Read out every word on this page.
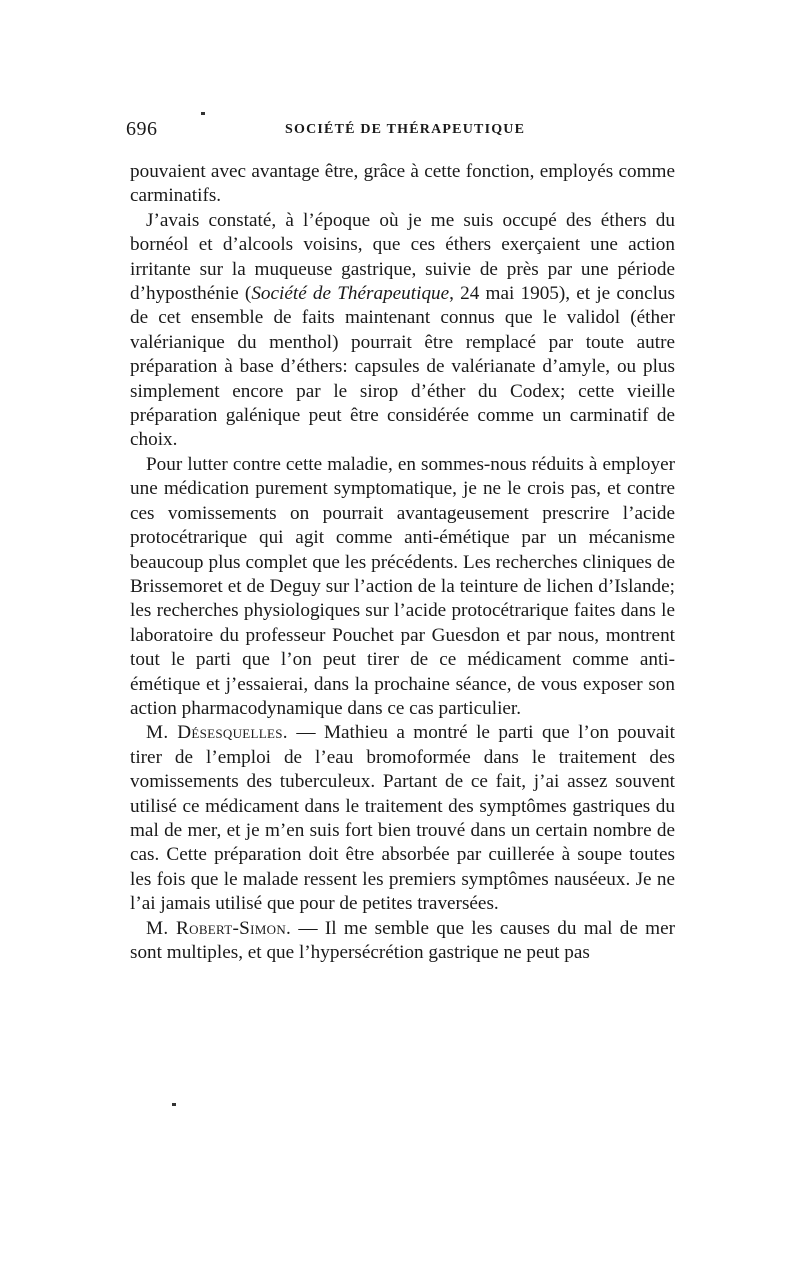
696	SOCIÉTÉ DE THÉRAPEUTIQUE

pouvaient avec avantage être, grâce à cette fonction, employés comme carminatifs.

J’avais constaté, à l’époque où je me suis occupé des éthers du bornéol et d’alcools voisins, que ces éthers exerçaient une action irritante sur la muqueuse gastrique, suivie de près par une période d’hyposthénie (Société de Thérapeutique, 24 mai 1905), et je conclus de cet ensemble de faits maintenant connus que le validol (éther valérianique du menthol) pourrait être remplacé par toute autre préparation à base d’éthers: capsules de valérianate d’amyle, ou plus simplement encore par le sirop d’éther du Codex; cette vieille préparation galénique peut être considérée comme un carminatif de choix.

Pour lutter contre cette maladie, en sommes-nous réduits à employer une médication purement symptomatique, je ne le crois pas, et contre ces vomissements on pourrait avantageusement prescrire l’acide protocétrarique qui agit comme anti-émétique par un mécanisme beaucoup plus complet que les précédents. Les recherches cliniques de Brissemoret et de Deguy sur l’action de la teinture de lichen d’Islande; les recherches physiologiques sur l’acide protocétrarique faites dans le laboratoire du professeur Pouchet par Guesdon et par nous, montrent tout le parti que l’on peut tirer de ce médicament comme anti-émétique et j’essaierai, dans la prochaine séance, de vous exposer son action pharmacodynamique dans ce cas particulier.

M. Désesquelles. — Mathieu a montré le parti que l’on pouvait tirer de l’emploi de l’eau bromoformée dans le traitement des vomissements des tuberculeux. Partant de ce fait, j’ai assez souvent utilisé ce médicament dans le traitement des symptômes gastriques du mal de mer, et je m’en suis fort bien trouvé dans un certain nombre de cas. Cette préparation doit être absorbée par cuillerée à soupe toutes les fois que le malade ressent les premiers symptômes nauséeux. Je ne l’ai jamais utilisé que pour de petites traversées.

M. Robert-Simon. — Il me semble que les causes du mal de mer sont multiples, et que l’hypersécrétion gastrique ne peut pas
